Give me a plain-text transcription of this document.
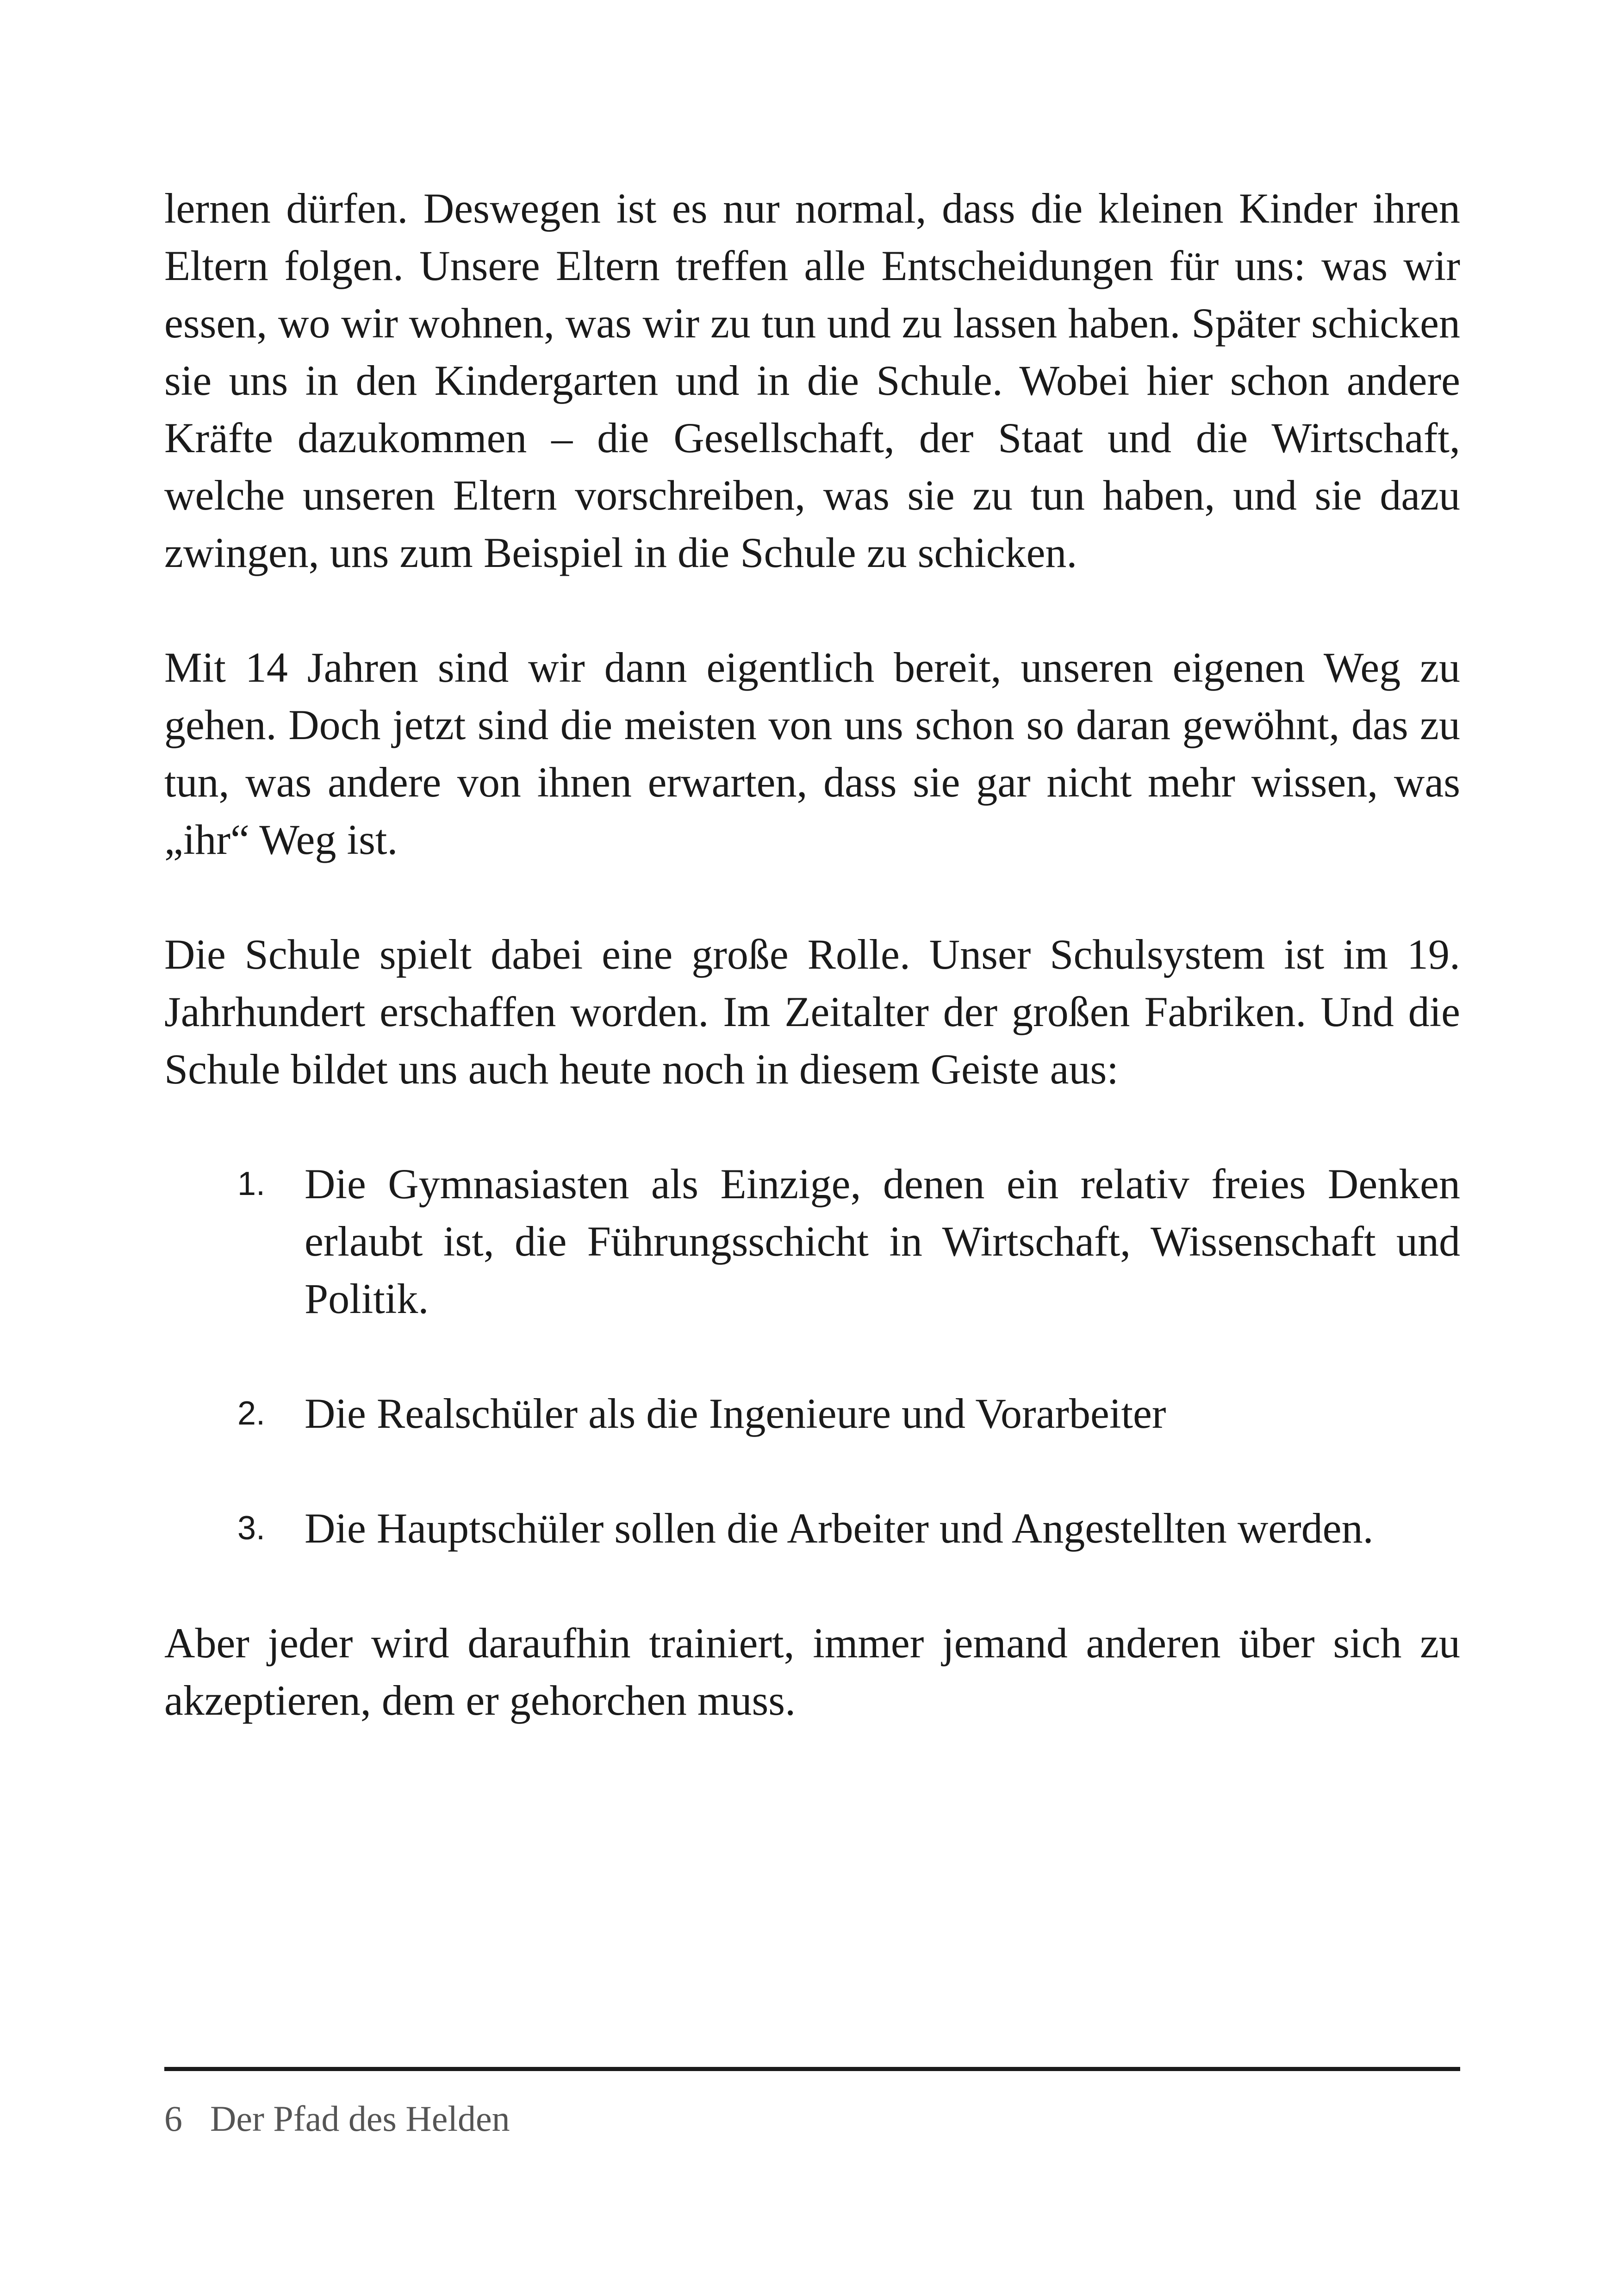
lernen dürfen. Deswegen ist es nur normal, dass die kleinen Kinder ihren Eltern folgen. Unsere Eltern treffen alle Entscheidungen für uns: was wir essen, wo wir wohnen, was wir zu tun und zu lassen haben. Später schicken sie uns in den Kindergarten und in die Schule. Wobei hier schon andere Kräfte dazukommen – die Gesellschaft, der Staat und die Wirtschaft, welche unseren Eltern vorschreiben, was sie zu tun haben, und sie dazu zwingen, uns zum Beispiel in die Schule zu schicken.

Mit 14 Jahren sind wir dann eigentlich bereit, unseren eigenen Weg zu gehen. Doch jetzt sind die meisten von uns schon so daran gewöhnt, das zu tun, was andere von ihnen erwarten, dass sie gar nicht mehr wissen, was „ihr“ Weg ist.

Die Schule spielt dabei eine große Rolle. Unser Schulsystem ist im 19. Jahrhundert erschaffen worden. Im Zeitalter der großen Fabriken. Und die Schule bildet uns auch heute noch in diesem Geiste aus:

1. Die Gymnasiasten als Einzige, denen ein relativ freies Denken erlaubt ist, die Führungsschicht in Wirtschaft, Wissenschaft und Politik.
2. Die Realschüler als die Ingenieure und Vorarbeiter
3. Die Hauptschüler sollen die Arbeiter und Angestellten werden.

Aber jeder wird daraufhin trainiert, immer jemand anderen über sich zu akzeptieren, dem er gehorchen muss.

6 Der Pfad des Helden
